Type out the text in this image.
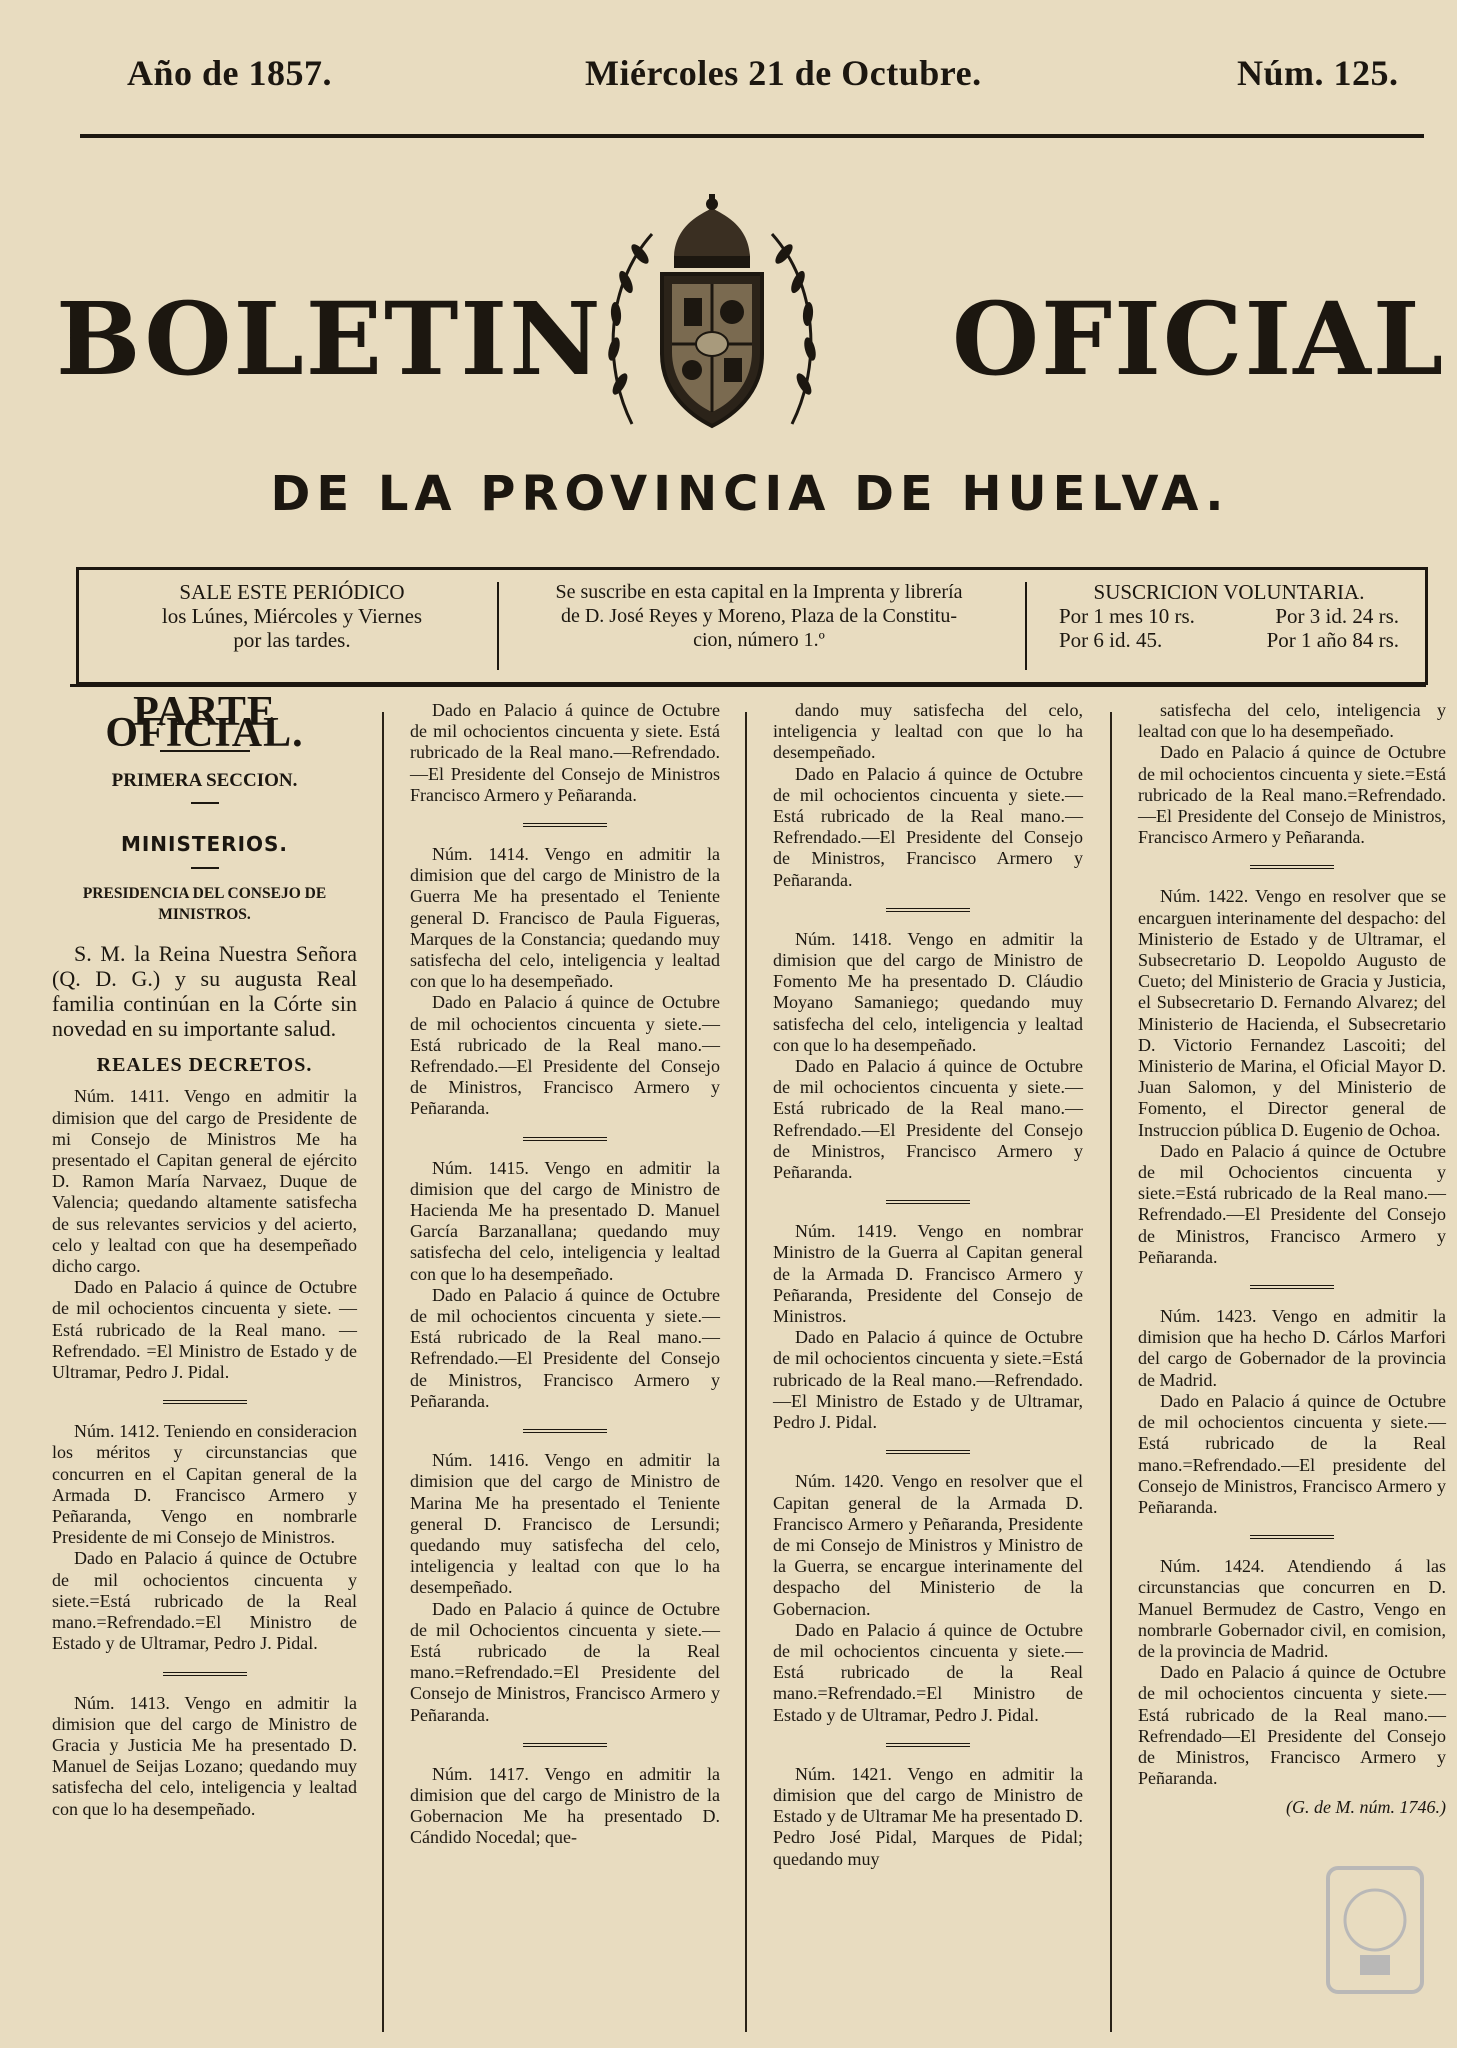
Año de 1857.	Miércoles 21 de Octubre.	Núm. 125.
BOLETIN	OFICIAL
DE LA PROVINCIA DE HUELVA.
SALE ESTE PERIÓDICO
los Lúnes, Miércoles y Viernes
por las tardes.
Se suscribe en esta capital en la Imprenta y librería
de D. José Reyes y Moreno, Plaza de la Constitu-
cion, número 1.º
SUSCRICION VOLUNTARIA.
Por 1 mes 10 rs.	Por 3 id. 24 rs.
Por 6 id. 45.	Por 1 año 84 rs.
PARTE OFICIAL.
PRIMERA SECCION.
MINISTERIOS.
PRESIDENCIA DEL CONSEJO DE MINISTROS.

S. M. la Reina Nuestra Señora (Q. D. G.) y su augusta Real familia continúan en la Córte sin novedad en su importante salud.

REALES DECRETOS.

Núm. 1411. Vengo en admitir la dimision que del cargo de Presidente de mi Consejo de Ministros Me ha presentado el Capitan general de ejército D. Ramon María Narvaez, Duque de Valencia; quedando altamente satisfecha de sus relevantes servicios y del acierto, celo y lealtad con que ha desempeñado dicho cargo.

Dado en Palacio á quince de Octubre de mil ochocientos cincuenta y siete. —Está rubricado de la Real mano. —Refrendado. =El Ministro de Estado y de Ultramar, Pedro J. Pidal.

Núm. 1412. Teniendo en consideracion los méritos y circunstancias que concurren en el Capitan general de la Armada D. Francisco Armero y Peñaranda, Vengo en nombrarle Presidente de mi Consejo de Ministros.

Dado en Palacio á quince de Octubre de mil ochocientos cincuenta y siete.=Está rubricado de la Real mano.=Refrendado.=El Ministro de Estado y de Ultramar, Pedro J. Pidal.

Núm. 1413. Vengo en admitir la dimision que del cargo de Ministro de Gracia y Justicia Me ha presentado D. Manuel de Seijas Lozano; quedando muy satisfecha del celo, inteligencia y lealtad con que lo ha desempeñado.

Dado en Palacio á quince de Octubre de mil ochocientos cincuenta y siete. Está rubricado de la Real mano.—Refrendado.—El Presidente del Consejo de Ministros Francisco Armero y Peñaranda.

Núm. 1414. Vengo en admitir la dimision que del cargo de Ministro de la Guerra Me ha presentado el Teniente general D. Francisco de Paula Figueras, Marques de la Constancia; quedando muy satisfecha del celo, inteligencia y lealtad con que lo ha desempeñado.

Dado en Palacio á quince de Octubre de mil ochocientos cincuenta y siete.—Está rubricado de la Real mano.—Refrendado.—El Presidente del Consejo de Ministros, Francisco Armero y Peñaranda.

Núm. 1415. Vengo en admitir la dimision que del cargo de Ministro de Hacienda Me ha presentado D. Manuel García Barzanallana; quedando muy satisfecha del celo, inteligencia y lealtad con que lo ha desempeñado.

Dado en Palacio á quince de Octubre de mil ochocientos cincuenta y siete.—Está rubricado de la Real mano.—Refrendado.—El Presidente del Consejo de Ministros, Francisco Armero y Peñaranda.

Núm. 1416. Vengo en admitir la dimision que del cargo de Ministro de Marina Me ha presentado el Teniente general D. Francisco de Lersundi; quedando muy satisfecha del celo, inteligencia y lealtad con que lo ha desempeñado.

Dado en Palacio á quince de Octubre de mil Ochocientos cincuenta y siete.—Está rubricado de la Real mano.=Refrendado.=El Presidente del Consejo de Ministros, Francisco Armero y Peñaranda.

Núm. 1417. Vengo en admitir la dimision que del cargo de Ministro de la Gobernacion Me ha presentado D. Cándido Nocedal; que-

dando muy satisfecha del celo, inteligencia y lealtad con que lo ha desempeñado.

Dado en Palacio á quince de Octubre de mil ochocientos cincuenta y siete.—Está rubricado de la Real mano.—Refrendado.—El Presidente del Consejo de Ministros, Francisco Armero y Peñaranda.

Núm. 1418. Vengo en admitir la dimision que del cargo de Ministro de Fomento Me ha presentado D. Cláudio Moyano Samaniego; quedando muy satisfecha del celo, inteligencia y lealtad con que lo ha desempeñado.

Dado en Palacio á quince de Octubre de mil ochocientos cincuenta y siete.—Está rubricado de la Real mano.—Refrendado.—El Presidente del Consejo de Ministros, Francisco Armero y Peñaranda.

Núm. 1419. Vengo en nombrar Ministro de la Guerra al Capitan general de la Armada D. Francisco Armero y Peñaranda, Presidente del Consejo de Ministros.

Dado en Palacio á quince de Octubre de mil ochocientos cincuenta y siete.=Está rubricado de la Real mano.—Refrendado.—El Ministro de Estado y de Ultramar, Pedro J. Pidal.

Núm. 1420. Vengo en resolver que el Capitan general de la Armada D. Francisco Armero y Peñaranda, Presidente de mi Consejo de Ministros y Ministro de la Guerra, se encargue interinamente del despacho del Ministerio de la Gobernacion.

Dado en Palacio á quince de Octubre de mil ochocientos cincuenta y siete.—Está rubricado de la Real mano.=Refrendado.=El Ministro de Estado y de Ultramar, Pedro J. Pidal.

Núm. 1421. Vengo en admitir la dimision que del cargo de Ministro de Estado y de Ultramar Me ha presentado D. Pedro José Pidal, Marques de Pidal; quedando muy

satisfecha del celo, inteligencia y lealtad con que lo ha desempeñado.

Dado en Palacio á quince de Octubre de mil ochocientos cincuenta y siete.=Está rubricado de la Real mano.=Refrendado.—El Presidente del Consejo de Ministros, Francisco Armero y Peñaranda.

Núm. 1422. Vengo en resolver que se encarguen interinamente del despacho: del Ministerio de Estado y de Ultramar, el Subsecretario D. Leopoldo Augusto de Cueto; del Ministerio de Gracia y Justicia, el Subsecretario D. Fernando Alvarez; del Ministerio de Hacienda, el Subsecretario D. Victorio Fernandez Lascoiti; del Ministerio de Marina, el Oficial Mayor D. Juan Salomon, y del Ministerio de Fomento, el Director general de Instruccion pública D. Eugenio de Ochoa.

Dado en Palacio á quince de Octubre de mil Ochocientos cincuenta y siete.=Está rubricado de la Real mano.—Refrendado.—El Presidente del Consejo de Ministros, Francisco Armero y Peñaranda.

Núm. 1423. Vengo en admitir la dimision que ha hecho D. Cárlos Marfori del cargo de Gobernador de la provincia de Madrid.

Dado en Palacio á quince de Octubre de mil ochocientos cincuenta y siete.—Está rubricado de la Real mano.=Refrendado.—El presidente del Consejo de Ministros, Francisco Armero y Peñaranda.

Núm. 1424. Atendiendo á las circunstancias que concurren en D. Manuel Bermudez de Castro, Vengo en nombrarle Gobernador civil, en comision, de la provincia de Madrid.

Dado en Palacio á quince de Octubre de mil ochocientos cincuenta y siete.—Está rubricado de la Real mano.—Refrendado—El Presidente del Consejo de Ministros, Francisco Armero y Peñaranda.

(G. de M. núm. 1746.)
